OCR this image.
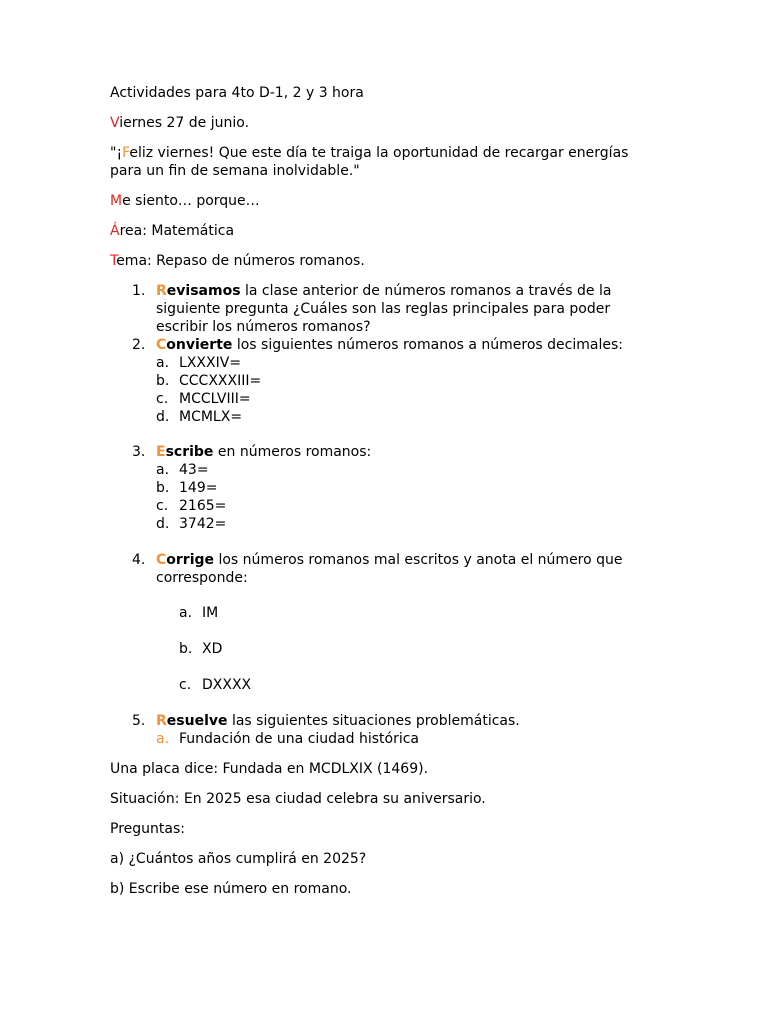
Actividades para 4to D-1, 2 y 3 hora

Viernes 27 de junio.

"¡Feliz viernes! Que este día te traiga la oportunidad de recargar energías para un fin de semana inolvidable."

Me siento… porque…

Área: Matemática

Tema: Repaso de números romanos.

1. Revisamos la clase anterior de números romanos a través de la siguiente pregunta ¿Cuáles son las reglas principales para poder escribir los números romanos?
2. Convierte los siguientes números romanos a números decimales:
a. LXXXIV=
b. CCCXXXIII=
c. MCCLVIII=
d. MCMLX=
3. Escribe en números romanos:
a. 43=
b. 149=
c. 2165=
d. 3742=
4. Corrige los números romanos mal escritos y anota el número que corresponde:
a. IM
b. XD
c. DXXXX
5. Resuelve las siguientes situaciones problemáticas.
a. Fundación de una ciudad histórica

Una placa dice: Fundada en MCDLXIX (1469).

Situación: En 2025 esa ciudad celebra su aniversario.

Preguntas:

a) ¿Cuántos años cumplirá en 2025?

b) Escribe ese número en romano.
